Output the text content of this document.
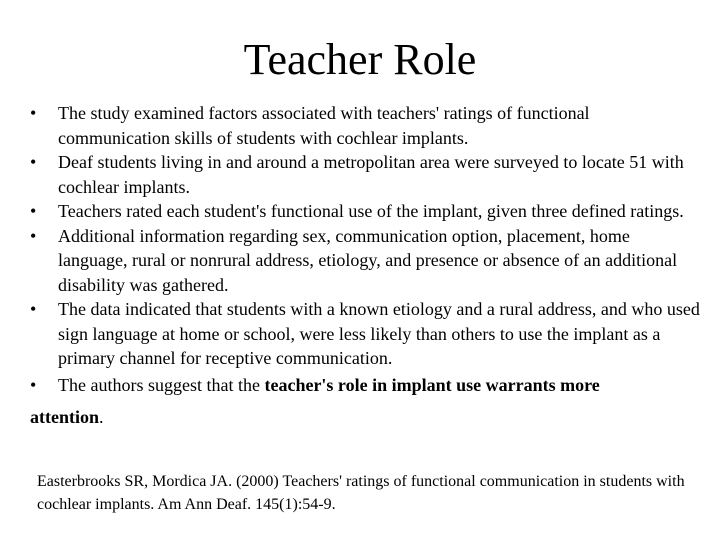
Teacher Role
•	The study examined factors associated with teachers' ratings of functional communication skills of students with cochlear implants.
•	Deaf students living in and around a metropolitan area were surveyed to locate 51 with cochlear implants.
•	Teachers rated each student's functional use of the implant, given three defined ratings.
•	Additional information regarding sex, communication option, placement, home language, rural or nonrural address, etiology, and presence or absence of an additional disability was gathered.
•	The data indicated that students with a known etiology and a rural address, and who used sign language at home or school, were less likely than others to use the implant as a primary channel for receptive communication.
•	The authors suggest that the teacher's role in implant use warrants more
attention.

Easterbrooks SR, Mordica JA. (2000) Teachers' ratings of functional communication in students with cochlear implants. Am Ann Deaf. 145(1):54-9.
